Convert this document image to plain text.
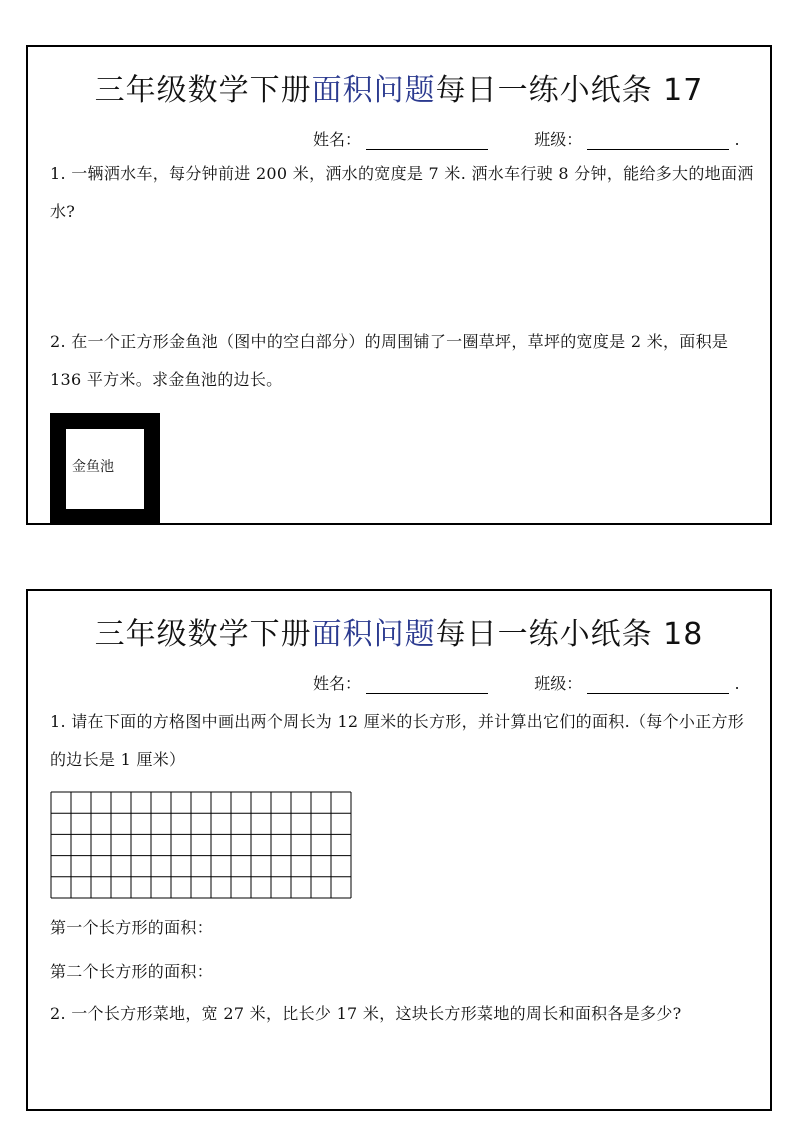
三年级数学下册面积问题每日一练小纸条 17
姓名：	班级：	.
1. 一辆洒水车，每分钟前进 200 米，洒水的宽度是 7 米. 洒水车行驶 8 分钟，能给多大的地面洒水?
2. 在一个正方形金鱼池（图中的空白部分）的周围铺了一圈草坪，草坪的宽度是 2 米，面积是 136 平方米。求金鱼池的边长。
金鱼池
三年级数学下册面积问题每日一练小纸条 18
姓名：	班级：	.
1. 请在下面的方格图中画出两个周长为 12 厘米的长方形，并计算出它们的面积.（每个小正方形的边长是 1 厘米）
第一个长方形的面积：
第二个长方形的面积：
2. 一个长方形菜地，宽 27 米，比长少 17 米，这块长方形菜地的周长和面积各是多少?
